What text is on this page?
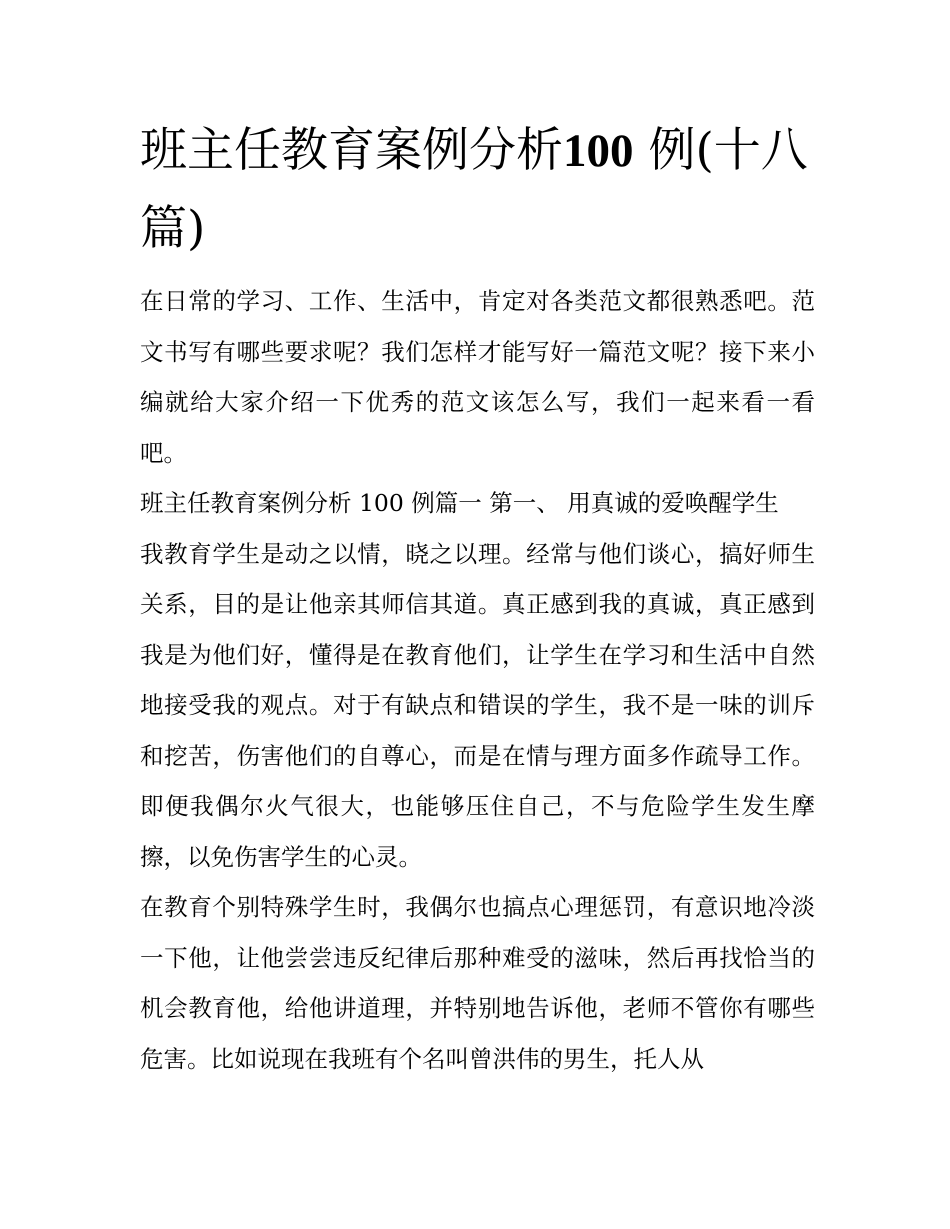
班主任教育案例分析100 例(十八篇)

在日常的学习、工作、生活中，肯定对各类范文都很熟悉吧。范文书写有哪些要求呢？我们怎样才能写好一篇范文呢？接下来小编就给大家介绍一下优秀的范文该怎么写，我们一起来看一看吧。

班主任教育案例分析 100 例篇一 第一、 用真诚的爱唤醒学生

我教育学生是动之以情，晓之以理。经常与他们谈心，搞好师生关系，目的是让他亲其师信其道。真正感到我的真诚，真正感到我是为他们好，懂得是在教育他们，让学生在学习和生活中自然地接受我的观点。对于有缺点和错误的学生，我不是一味的训斥和挖苦，伤害他们的自尊心，而是在情与理方面多作疏导工作。即便我偶尔火气很大，也能够压住自己，不与危险学生发生摩擦，以免伤害学生的心灵。

在教育个别特殊学生时，我偶尔也搞点心理惩罚，有意识地冷淡一下他，让他尝尝违反纪律后那种难受的滋味，然后再找恰当的机会教育他，给他讲道理，并特别地告诉他，老师不管你有哪些危害。比如说现在我班有个名叫曾洪伟的男生，托人从
